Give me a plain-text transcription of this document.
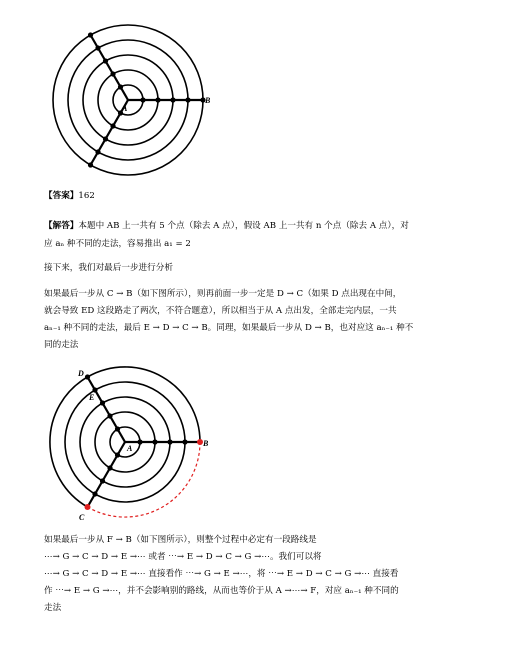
A
B
【答案】162
【解答】本题中 AB 上一共有 5 个点（除去 A 点），假设 AB 上一共有 n 个点（除去 A 点），对
应 aₙ 种不同的走法，容易推出 a₁ = 2
接下来，我们对最后一步进行分析
如果最后一步从 C → B（如下图所示），则再前面一步一定是 D → C（如果 D 点出现在中间，
就会导致 ED 这段路走了两次，不符合题意），所以相当于从 A 点出发，全部走完内层，一共
aₙ₋₁ 种不同的走法，最后 E → D → C → B。同理，如果最后一步从 D → B，也对应这 aₙ₋₁ 种不
同的走法
D
E
A
B
C
如果最后一步从 F → B（如下图所示），则整个过程中必定有一段路线是
⋯→ G → C → D → E →⋯ 或者 ⋯→ E → D → C → G →⋯。我们可以将
⋯→ G → C → D → E →⋯ 直接看作 ⋯→ G → E →⋯，将 ⋯→ E → D → C → G →⋯ 直接看
作 ⋯→ E → G →⋯，并不会影响别的路线，从而也等价于从 A →⋯→ F，对应 aₙ₋₁ 种不同的
走法
